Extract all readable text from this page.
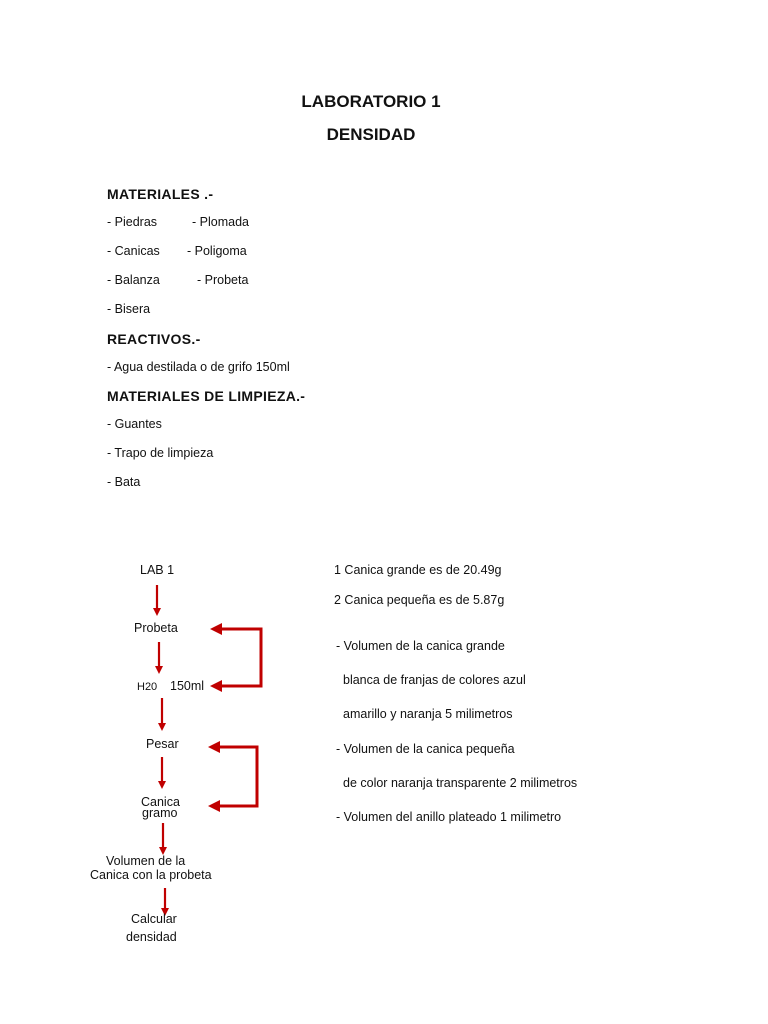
LABORATORIO 1
DENSIDAD
MATERIALES .-
- Piedras	- Plomada
- Canicas - Poligoma
- Balanza	- Probeta
- Bisera
REACTIVOS.-
- Agua destilada o de grifo 150ml
MATERIALES DE LIMPIEZA.-
- Guantes
- Trapo de limpieza
- Bata
LAB 1
Probeta
H20 150ml
Pesar
Canica
gramo
Volumen de la
Canica con la probeta
Calcular
densidad
1 Canica grande es de 20.49g
2 Canica pequeña es de 5.87g
- Volumen de la canica grande
blanca de franjas de colores azul
amarillo y naranja 5 milimetros
- Volumen de la canica pequeña
de color naranja transparente 2 milimetros
- Volumen del anillo plateado 1 milimetro
